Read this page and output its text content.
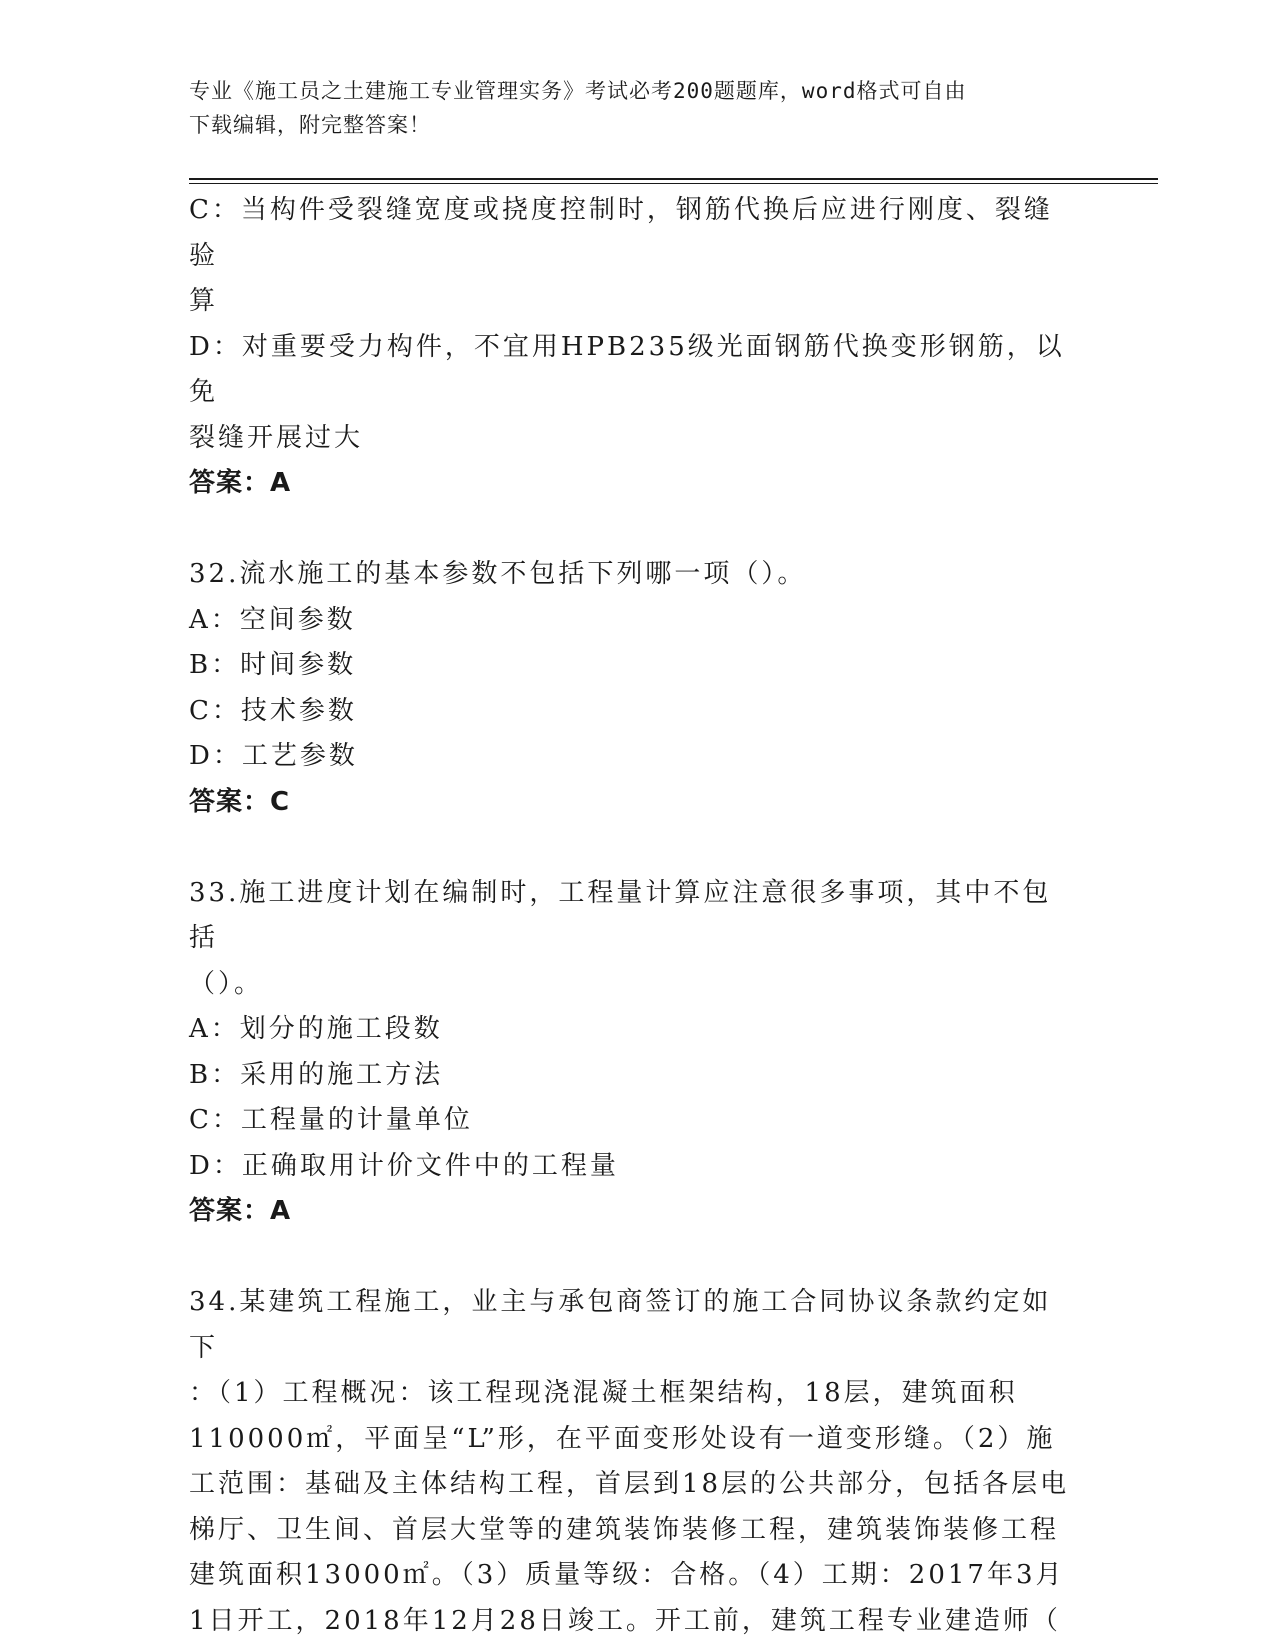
专业《施工员之土建施工专业管理实务》考试必考200题题库，word格式可自由
下载编辑，附完整答案！

C：当构件受裂缝宽度或挠度控制时，钢筋代换后应进行刚度、裂缝验

算

D：对重要受力构件，不宜用HPB235级光面钢筋代换变形钢筋，以免

裂缝开展过大

答案：A

32.流水施工的基本参数不包括下列哪一项（）。

A：空间参数

B：时间参数

C：技术参数

D：工艺参数

答案：C

33.施工进度计划在编制时，工程量计算应注意很多事项，其中不包括

（）。

A：划分的施工段数

B：采用的施工方法

C：工程量的计量单位

D：正确取用计价文件中的工程量

答案：A

34.某建筑工程施工，业主与承包商签订的施工合同协议条款约定如下

：（1）工程概况：该工程现浇混凝土框架结构，18层，建筑面积

110000㎡，平面呈“L”形，在平面变形处设有一道变形缝。（2）施

工范围：基础及主体结构工程，首层到18层的公共部分，包括各层电

梯厅、卫生间、首层大堂等的建筑装饰装修工程，建筑装饰装修工程

建筑面积13000㎡。（3）质量等级：合格。（4）工期：2017年3月

1日开工，2018年12月28日竣工。开工前，建筑工程专业建造师（
